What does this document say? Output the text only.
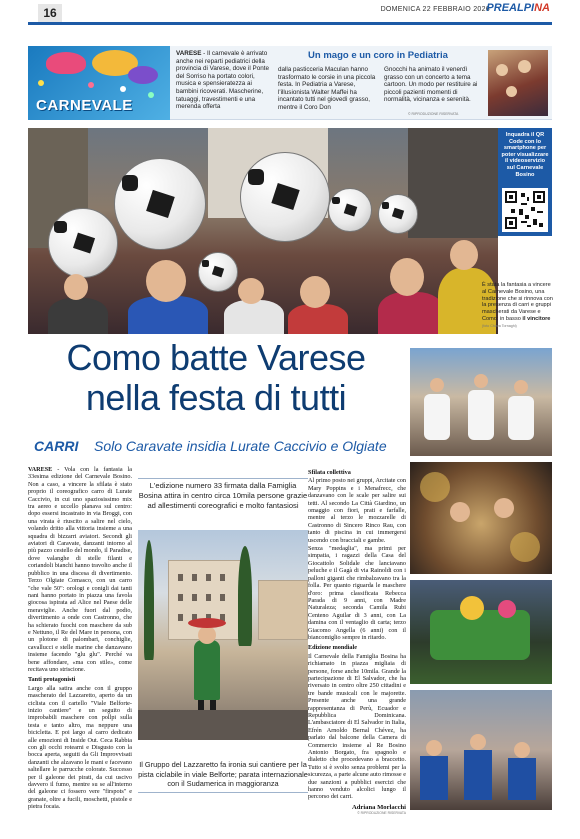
16	DOMENICA 22 FEBBRAIO 2026
PREALPINA
CARNEVALE
VARESE - Il carnevale è arrivato anche nei reparti pediatrici della provincia di Varese, dove il Ponte del Sorriso ha portato colori, musica e spensieratezza ai bambini ricoverati. Mascherine, tatuaggi, travestimenti e una merenda offerta
Un mago e un coro in Pediatria
dalla pasticceria Maculan hanno trasformato le corsie in una piccola festa. In Pediatria a Varese, l'illusionista Walter Maffei ha incantato tutti nel giovedì grasso, mentre il Coro Don
Gnocchi ha animato il venerdì grasso con un concerto a tema cartoon. Un modo per restituire ai piccoli pazienti momenti di normalità, vicinanza e serenità.
© RIPRODUZIONE RISERVATA
Inquadra il QR Code con lo smartphone per poter visualizzare il videoservizio sul Carnevale Bosino
È stata la fantasia a vincere al Carnevale Bosino, una tradizione che si rinnova con la presenza di carri e gruppi mascherati da Varese e Como: in basso il vincitore (foto Chiara Tornaghi)
Como batte Varese
nella festa di tutti
CARRI Solo Caravate insidia Lurate Caccivio e Olgiate

VARESE - Vola con la fantasia la 33esima edizione del Carnevale Bosino. Non a caso, a vincere la sfilata è stato proprio il coreografico carro di Lurate Caccivio, in cui uno spaziosissimo mix tra aereo e uccello planava sul centro: dopo essersi incastrato in via Broggi, con una virata è riuscito a salire nel cielo, volando dritto alla vittoria insieme a una squadra di bizzarri aviatori. Secondi gli aviatori di Caravate, danzanti intorno al più pazzo cestello del mondo, il Paradise, dove valanghe di stelle filanti e coriandoli bianchi hanno travolto anche il pubblico in una discesa di divertimento. Terzo Olgiate Comasco, con un carro "che vale 50": orologi e conigli dai tanti nani hanno portato in piazza una favola giocosa ispirata ad Alice nel Paese delle meraviglie. Anche fuori dal podio, divertimento a onde con Castronno, che ha schierato fuochi con maschere da sub e Nettuno, il Re del Mare in persona, con un plotone di palombari, conchiglie, cavallucci e stelle marine che danzavano insieme facendo "glu glu". Perché va bene affondare, «ma con stile», come recitava uno striscione.

Tanti protagonisti

Largo alla satira anche con il gruppo mascherato del Lazzaretto, aperto da un ciclista con il cartello "Viale Belforte-inizio cantiere" e un seguito di improbabili maschere con pollpi sulla testa e tanto altro, ma neppure una bicicletta. E poi largo al carro dedicato alle emozioni di Inside Out. Ceca Rabbia con gli occhi rotearni e Disgusto con la bocca aperta, seguiti da Gli Improvvisati danzanti che alzavano le mani e facevano saltellare le parrucche colorate. Successo per il galeone dei pirati, da cui uscivo davvero il fumo, mentre su se all'interno del galeone ci fossero vere "firspots" e granate, oltre a fucili, moschetti, pistole e pietra focaia.

L'edizione numero 33 firmata dalla Famiglia Bosina attira in centro circa 10mila persone grazie ad allestimenti coreografici e molto fantasiosi
Il Gruppo del Lazzaretto fa ironia sui cantiere per la pista ciclabile in viale Belforte; parata internazionale con il Sudamerica in maggioranza

Sfilata collettiva

Al primo posto nei gruppi, Arcitate con Mary Poppins e i Menafrecc, che danzavano con le scale per salire sui tetti. Al secondo La Città Giardino, un omaggio con fiori, prati e farfalle, mentre al terzo le mozzarelle di Castronno di Sincero Rinco Rau, con tanto di piscina in cui immergersi uscendo con bracciali e gambe.

Senza "medaglia", ma primi per simpatia, i ragazzi della Casa del Giocattolo Solidale che lanciavano peluche e il Gagà di via Rainoldi con i palloni giganti che rimbalzavano tra la folla. Per quanto riguarda le maschere d'oro: prima classificata Rebecca Parada di 9 anni, con Madre Naturaleza; seconda Camila Rubi Centeno Aguilar di 3 anni, con La damina con il ventaglio di carta; terzo Giacomo Angella (6 anni) con il biancomiglio sempre in ritardo.

Edizione mondiale

Il Carnevale della Famiglia Bosina ha richiamato in piazza migliaia di persone, forse anche 10mila. Grande la partecipazione di El Salvador, che ha riversato in centro oltre 250 cittadini e tre bande musicali con le majorette. Presente anche una grande rappresentanza di Perù, Ecuador e Repubblica Dominicana. L'ambasciatore di El Salvador in Italia, Efrén Arnoldo Bernal Chévez, ha parlato dal balcone della Camera di Commercio insieme al Re Bosino Antonio Borgato, fra spagnolo e dialetto che procedevano a braccetto. Tutto si è svolto senza problemi per la sicurezza, a parte alcune auto rimosse e due sanzioni a pubblici esercizi che hanno venduto alcolici lungo il percorso dei carri.

Adriana Morlacchi
© RIPRODUZIONE RISERVATA
